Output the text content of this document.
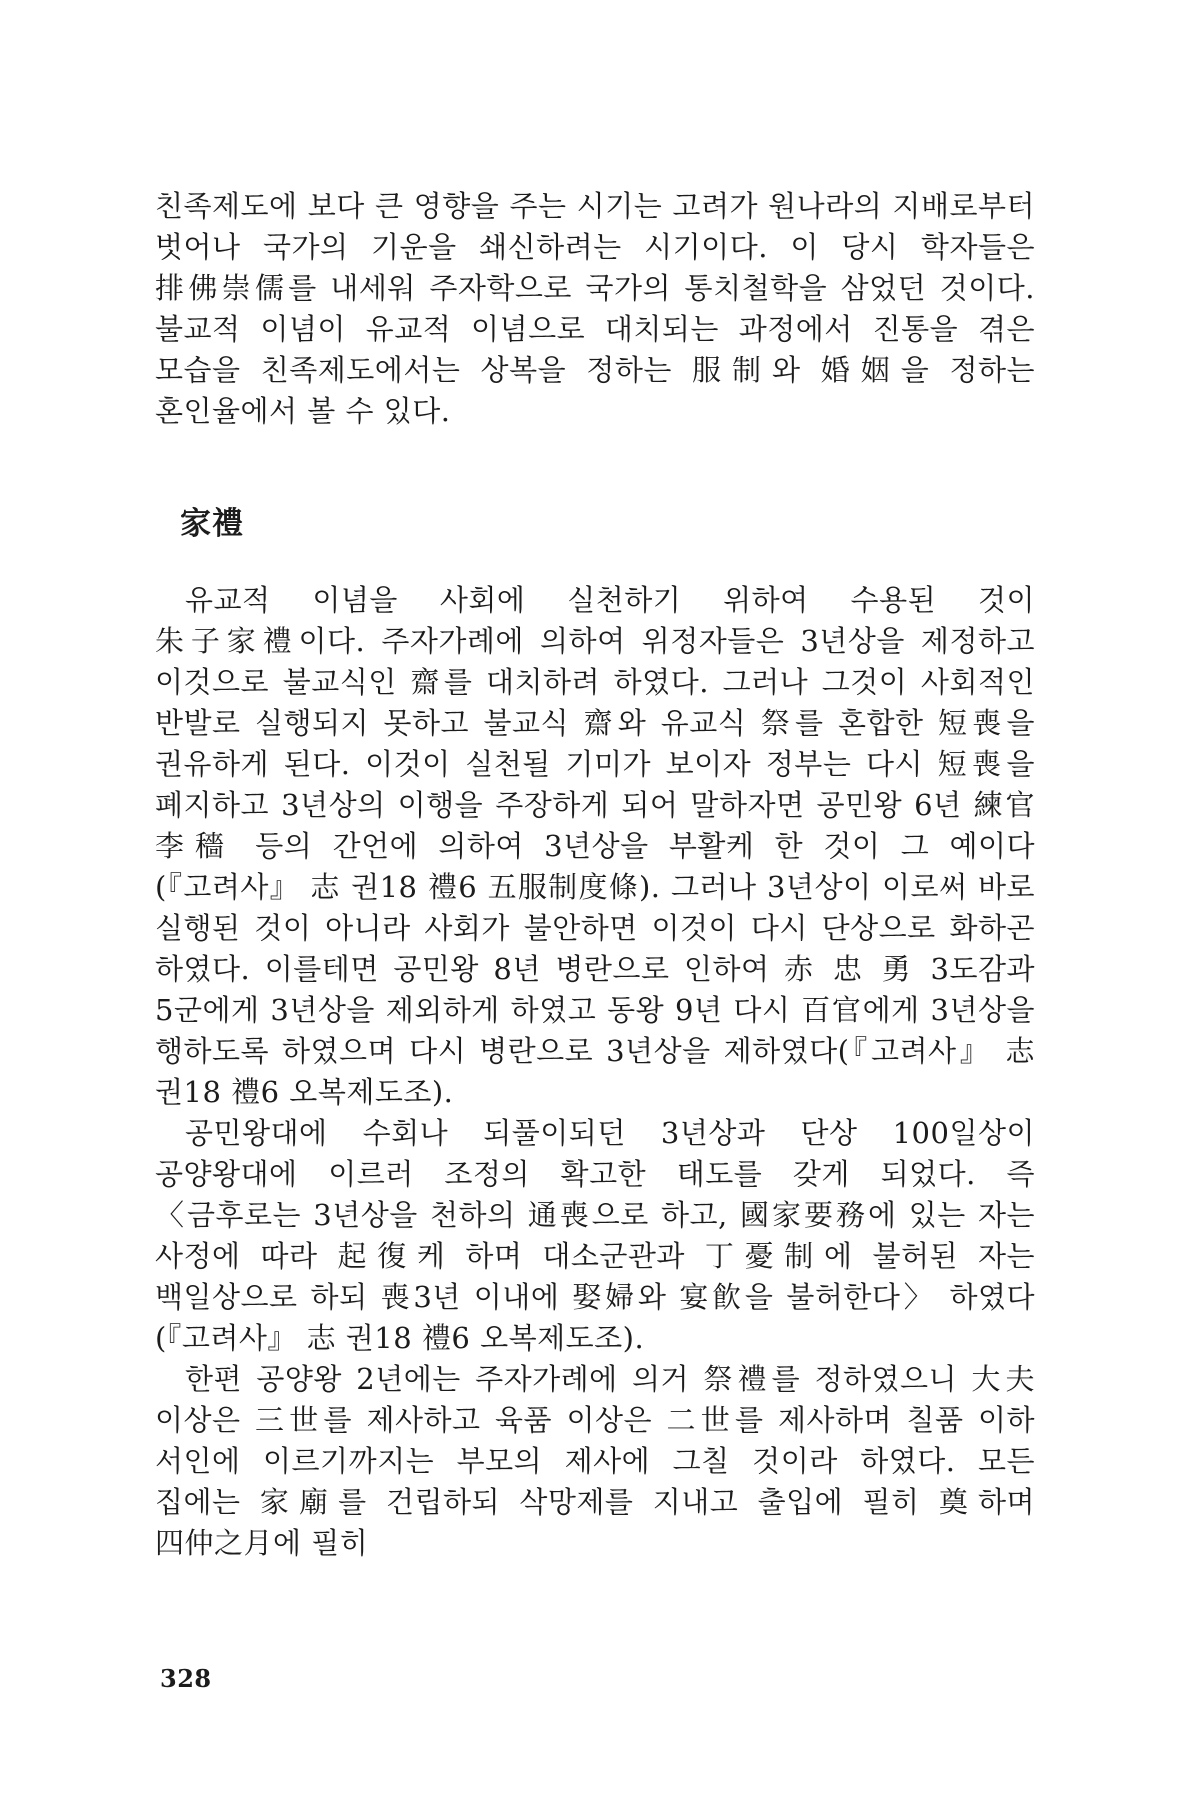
친족제도에 보다 큰 영향을 주는 시기는 고려가 원나라의 지배로부터 벗어나 국가의 기운을 쇄신하려는 시기이다. 이 당시 학자들은 排佛崇儒를 내세워 주자학으로 국가의 통치철학을 삼었던 것이다. 불교적 이념이 유교적 이념으로 대치되는 과정에서 진통을 겪은 모습을 친족제도에서는 상복을 정하는 服制와 婚姻을 정하는 혼인율에서 볼 수 있다.

家禮

유교적 이념을 사회에 실천하기 위하여 수용된 것이 朱子家禮이다. 주자가례에 의하여 위정자들은 3년상을 제정하고 이것으로 불교식인 齋를 대치하려 하였다. 그러나 그것이 사회적인 반발로 실행되지 못하고 불교식 齋와 유교식 祭를 혼합한 短喪을 권유하게 된다. 이것이 실천될 기미가 보이자 정부는 다시 短喪을 폐지하고 3년상의 이행을 주장하게 되어 말하자면 공민왕 6년 練官 李穡 등의 간언에 의하여 3년상을 부활케 한 것이 그 예이다(『고려사』 志 권18 禮6 五服制度條). 그러나 3년상이 이로써 바로 실행된 것이 아니라 사회가 불안하면 이것이 다시 단상으로 화하곤 하였다. 이를테면 공민왕 8년 병란으로 인하여 赤 忠 勇 3도감과 5군에게 3년상을 제외하게 하였고 동왕 9년 다시 百官에게 3년상을 행하도록 하였으며 다시 병란으로 3년상을 제하였다(『고려사』 志 권18 禮6 오복제도조).

공민왕대에 수회나 되풀이되던 3년상과 단상 100일상이 공양왕대에 이르러 조정의 확고한 태도를 갖게 되었다. 즉 〈금후로는 3년상을 천하의 通喪으로 하고, 國家要務에 있는 자는 사정에 따라 起復케 하며 대소군관과 丁憂制에 불허된 자는 백일상으로 하되 喪3년 이내에 娶婦와 宴飮을 불허한다〉 하였다(『고려사』 志 권18 禮6 오복제도조).

한편 공양왕 2년에는 주자가례에 의거 祭禮를 정하였으니 大夫 이상은 三世를 제사하고 육품 이상은 二世를 제사하며 칠품 이하 서인에 이르기까지는 부모의 제사에 그칠 것이라 하였다. 모든 집에는 家廟를 건립하되 삭망제를 지내고 출입에 필히 奠하며 四仲之月에 필히

328
